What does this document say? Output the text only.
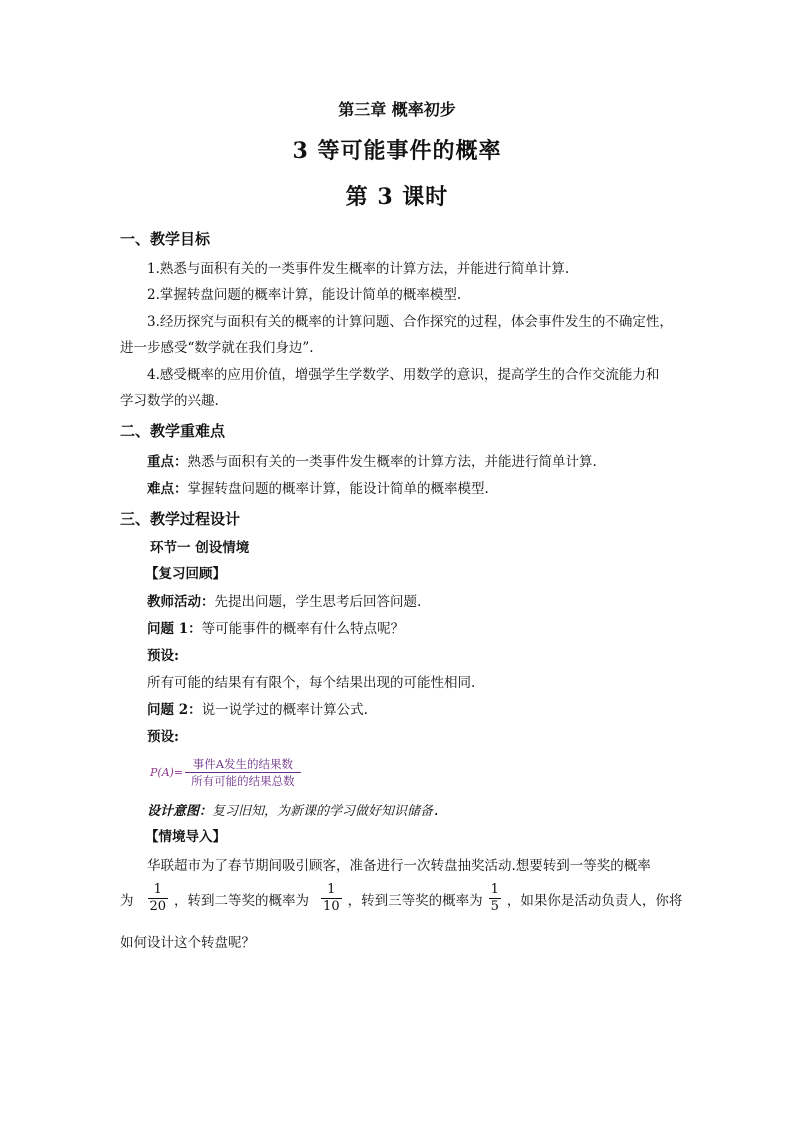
第三章 概率初步
3 等可能事件的概率
第 3 课时
一、教学目标
1.熟悉与面积有关的一类事件发生概率的计算方法，并能进行简单计算.
2.掌握转盘问题的概率计算，能设计简单的概率模型.
3.经历探究与面积有关的概率的计算问题、合作探究的过程，体会事件发生的不确定性，
进一步感受“数学就在我们身边”.
4.感受概率的应用价值，增强学生学数学、用数学的意识，提高学生的合作交流能力和
学习数学的兴趣.
二、教学重难点
重点：熟悉与面积有关的一类事件发生概率的计算方法，并能进行简单计算.
难点：掌握转盘问题的概率计算，能设计简单的概率模型.
三、教学过程设计
环节一 创设情境
【复习回顾】
教师活动：先提出问题，学生思考后回答问题.
问题 1：等可能事件的概率有什么特点呢？
预设:
所有可能的结果有有限个，每个结果出现的可能性相同.
问题 2：说一说学过的概率计算公式.
预设:
$P(A)= \frac{\text{事件A发生的结果数}}{\text{所有可能的结果总数}}$
设计意图：复习旧知，为新课的学习做好知识储备.
【情境导入】
华联超市为了春节期间吸引顾客，准备进行一次转盘抽奖活动.想要转到一等奖的概率
为 $\frac{1}{20}$ ，转到二等奖的概率为 $\frac{1}{10}$ ，转到三等奖的概率为 $\frac{1}{5}$ ，如果你是活动负责人，你将
如何设计这个转盘呢？
